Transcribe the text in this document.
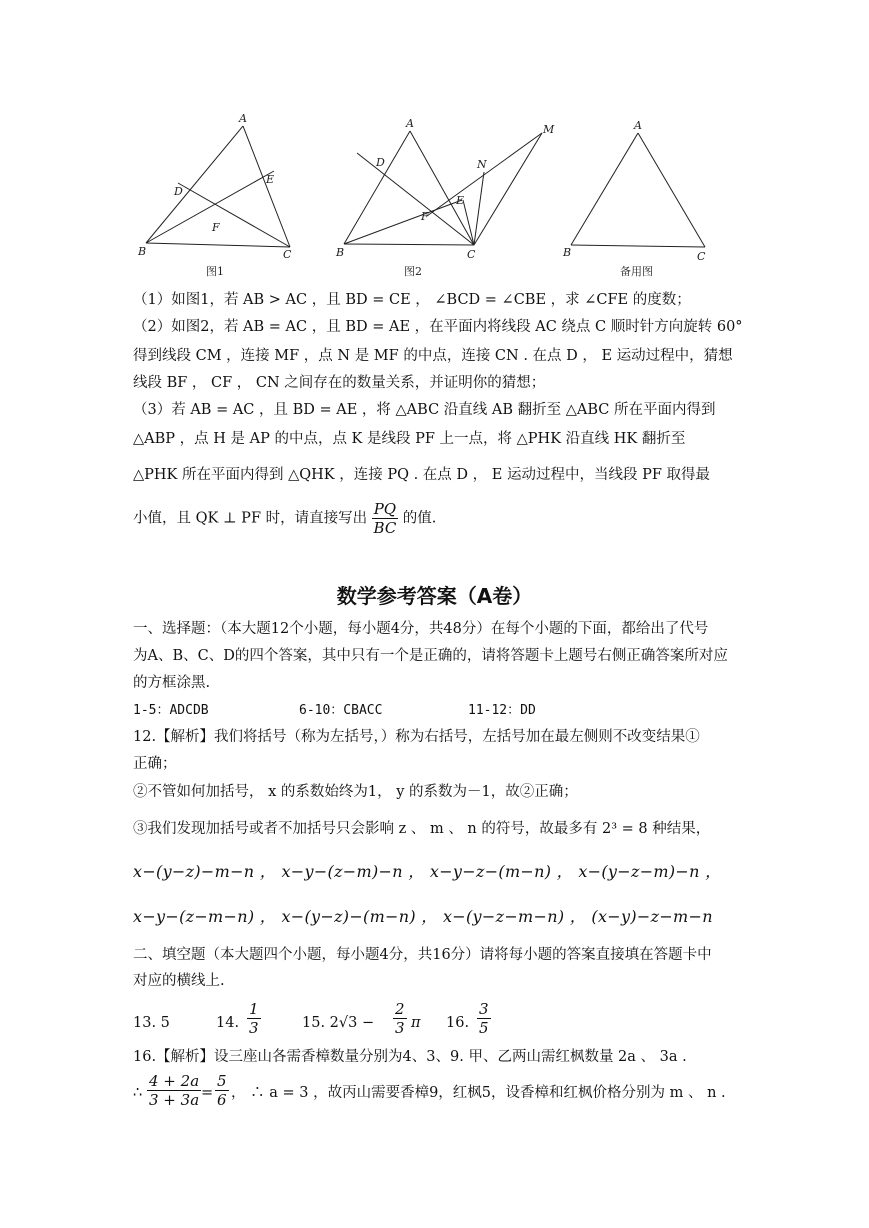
A
B	C
D
E
F
图1
A
B	C
D
E
F
M
N
图2
A
B	C
备用图
（1）如图1，若 AB > AC ，且 BD = CE ， ∠BCD = ∠CBE ，求 ∠CFE 的度数；
（2）如图2，若 AB = AC ，且 BD = AE ，在平面内将线段 AC 绕点 C 顺时针方向旋转 60°
得到线段 CM ，连接 MF ，点 N 是 MF 的中点，连接 CN . 在点 D ， E 运动过程中，猜想
线段 BF ， CF ， CN 之间存在的数量关系，并证明你的猜想；
（3）若 AB = AC ，且 BD = AE ，将 △ABC 沿直线 AB 翻折至 △ABC 所在平面内得到
△ABP ，点 H 是 AP 的中点，点 K 是线段 PF 上一点，将 △PHK 沿直线 HK 翻折至
△PHK 所在平面内得到 △QHK ，连接 PQ . 在点 D ， E 运动过程中，当线段 PF 取得最
小值，且 QK ⊥ PF 时，请直接写出 $\frac{PQ}{BC}$ 的值.
数学参考答案（A卷）
一、选择题：（本大题12个小题，每小题4分，共48分）在每个小题的下面，都给出了代号
为A、B、C、D的四个答案，其中只有一个是正确的，请将答题卡上题号右侧正确答案所对应
的方框涂黑.
1-5：ADCDB	6-10：CBACC	11-12：DD
12.【解析】我们将括号（称为左括号，）称为右括号，左括号加在最左侧则不改变结果①
正确；
②不管如何加括号， x 的系数始终为1， y 的系数为－1，故②正确；
③我们发现加括号或者不加括号只会影响 z 、 m 、 n 的符号，故最多有 2³ = 8 种结果，
x−(y−z)−m−n ， x−y−(z−m)−n ， x−y−z−(m−n) ， x−(y−z−m)−n ，
x−y−(z−m−n) ， x−(y−z)−(m−n) ， x−(y−z−m−n) ， (x−y)−z−m−n
二、填空题（本大题四个小题，每小题4分，共16分）请将每小题的答案直接填在答题卡中
对应的横线上.
13. 5	14. $\frac{1}{3}$	15. $2√3 - \frac{2}{3}$ π 16. $\frac{3}{5}$
16.【解析】设三座山各需香樟数量分别为4、3、9. 甲、乙两山需红枫数量 2a 、 3a .
∴ $\frac{4 + 2a}{3 + 3a} = \frac{5}{6}$ ， ∴ a = 3 ，故丙山需要香樟9，红枫5，设香樟和红枫价格分别为 m 、 n .
